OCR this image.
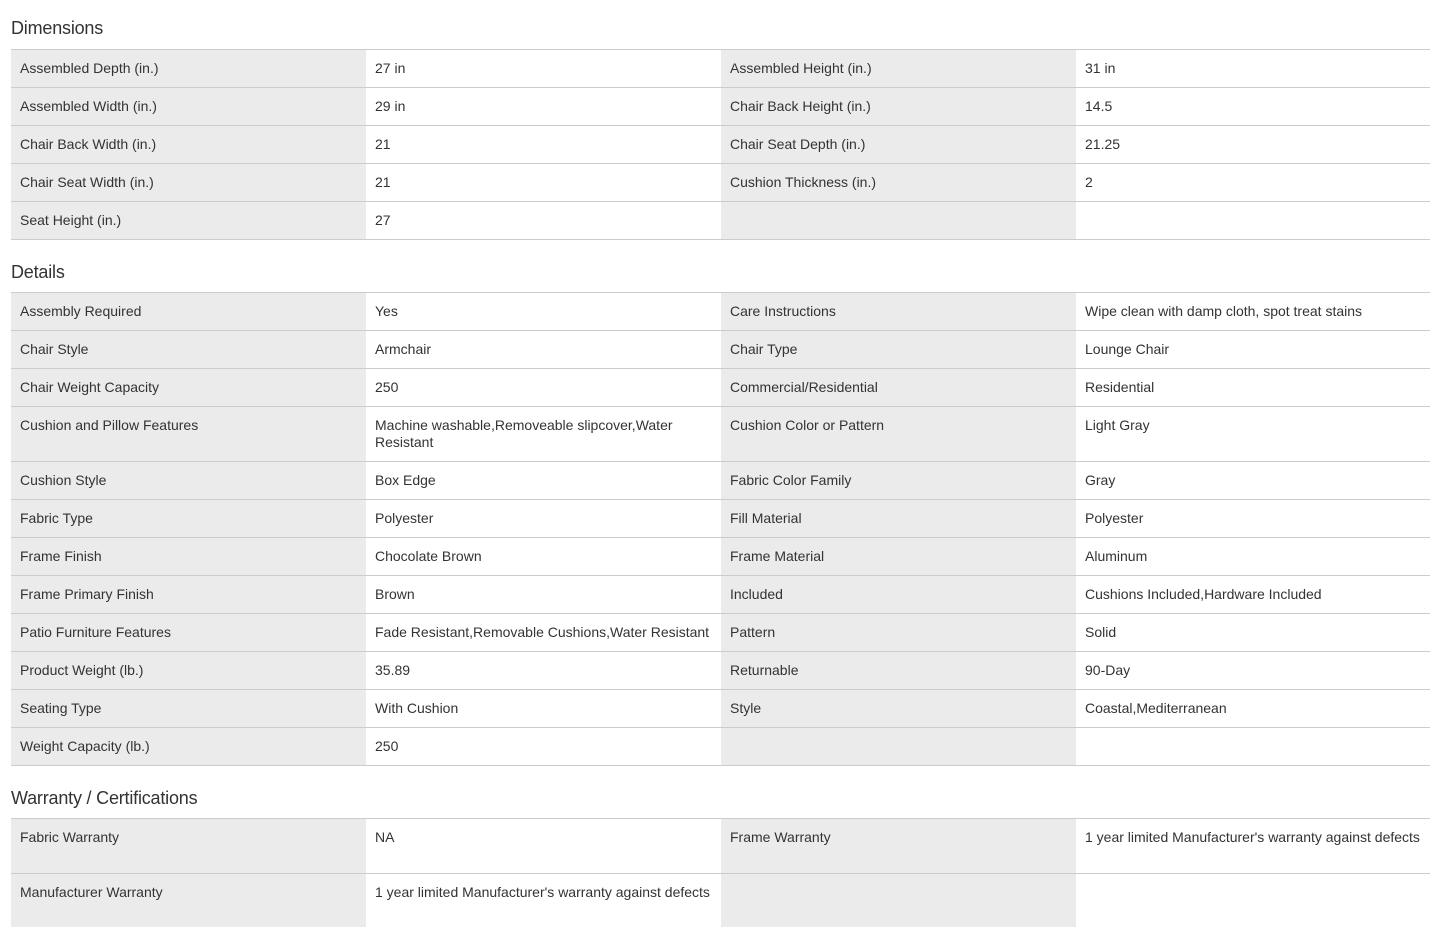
Dimensions
Assembled Depth (in.)	27 in	Assembled Height (in.)	31 in
Assembled Width (in.)	29 in	Chair Back Height (in.)	14.5
Chair Back Width (in.)	21	Chair Seat Depth (in.)	21.25
Chair Seat Width (in.)	21	Cushion Thickness (in.)	2
Seat Height (in.)	27		
Details
Assembly Required	Yes	Care Instructions	Wipe clean with damp cloth, spot treat stains
Chair Style	Armchair	Chair Type	Lounge Chair
Chair Weight Capacity	250	Commercial/Residential	Residential
Cushion and Pillow Features	Machine washable,Removeable slipcover,Water Resistant	Cushion Color or Pattern	Light Gray
Cushion Style	Box Edge	Fabric Color Family	Gray
Fabric Type	Polyester	Fill Material	Polyester
Frame Finish	Chocolate Brown	Frame Material	Aluminum
Frame Primary Finish	Brown	Included	Cushions Included,Hardware Included
Patio Furniture Features	Fade Resistant,Removable Cushions,Water Resistant	Pattern	Solid
Product Weight (lb.)	35.89	Returnable	90-Day
Seating Type	With Cushion	Style	Coastal,Mediterranean
Weight Capacity (lb.)	250		
Warranty / Certifications
Fabric Warranty	NA	Frame Warranty	1 year limited Manufacturer's warranty against defects
Manufacturer Warranty	1 year limited Manufacturer's warranty against defects		
